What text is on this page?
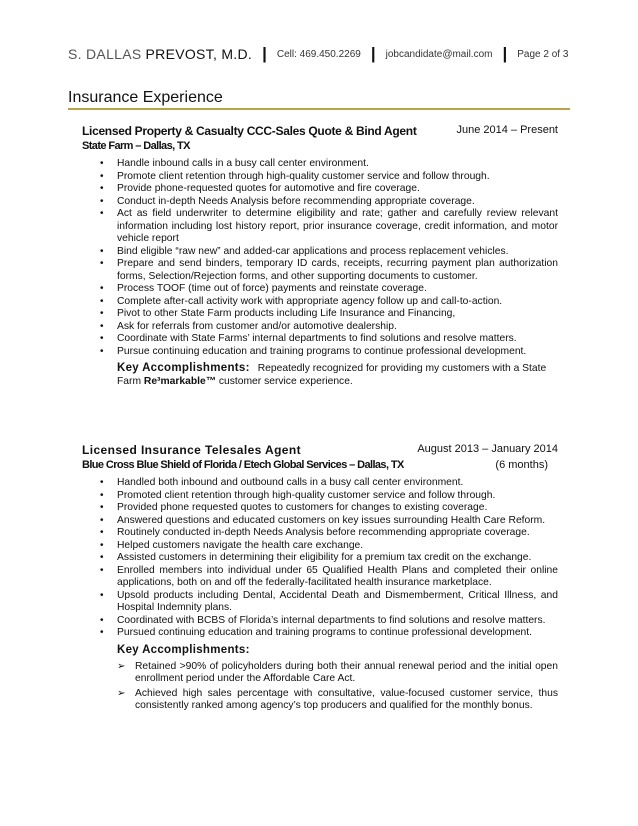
S. DALLAS PREVOST, M.D. | Cell: 469.450.2269 | jobcandidate@mail.com | Page 2 of 3
Insurance Experience
Licensed Property & Casualty CCC-Sales Quote & Bind Agent	June 2014 – Present
State Farm – Dallas, TX
• Handle inbound calls in a busy call center environment.
• Promote client retention through high-quality customer service and follow through.
• Provide phone-requested quotes for automotive and fire coverage.
• Conduct in-depth Needs Analysis before recommending appropriate coverage.
• Act as field underwriter to determine eligibility and rate; gather and carefully review relevant information including lost history report, prior insurance coverage, credit information, and motor vehicle report
• Bind eligible “raw new” and added-car applications and process replacement vehicles.
• Prepare and send binders, temporary ID cards, receipts, recurring payment plan authorization forms, Selection/Rejection forms, and other supporting documents to customer.
• Process TOOF (time out of force) payments and reinstate coverage.
• Complete after-call activity work with appropriate agency follow up and call-to-action.
• Pivot to other State Farm products including Life Insurance and Financing,
• Ask for referrals from customer and/or automotive dealership.
• Coordinate with State Farms’ internal departments to find solutions and resolve matters.
• Pursue continuing education and training programs to continue professional development.
Key Accomplishments: Repeatedly recognized for providing my customers with a State Farm Re³markable™ customer service experience.
Licensed Insurance Telesales Agent	August 2013 – January 2014
Blue Cross Blue Shield of Florida / Etech Global Services – Dallas, TX	(6 months)
• Handled both inbound and outbound calls in a busy call center environment.
• Promoted client retention through high-quality customer service and follow through.
• Provided phone requested quotes to customers for changes to existing coverage.
• Answered questions and educated customers on key issues surrounding Health Care Reform.
• Routinely conducted in-depth Needs Analysis before recommending appropriate coverage.
• Helped customers navigate the health care exchange.
• Assisted customers in determining their eligibility for a premium tax credit on the exchange.
• Enrolled members into individual under 65 Qualified Health Plans and completed their online applications, both on and off the federally-facilitated health insurance marketplace.
• Upsold products including Dental, Accidental Death and Dismemberment, Critical Illness, and Hospital Indemnity plans.
• Coordinated with BCBS of Florida’s internal departments to find solutions and resolve matters.
• Pursued continuing education and training programs to continue professional development.
Key Accomplishments:
➢ Retained >90% of policyholders during both their annual renewal period and the initial open enrollment period under the Affordable Care Act.
➢ Achieved high sales percentage with consultative, value-focused customer service, thus consistently ranked among agency’s top producers and qualified for the monthly bonus.
